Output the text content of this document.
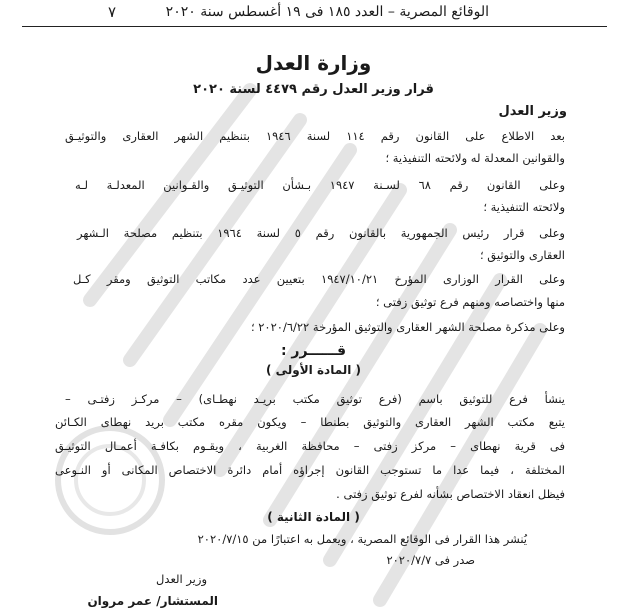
الوقائع المصرية – العدد ١٨٥ فى ١٩ أغسطس سنة ٢٠٢٠
٧
وزارة العدل
قرار وزير العدل رقم ٤٤٧٩ لسنة ٢٠٢٠
وزير العدل
بعد الاطلاع على القانون رقم ١١٤ لسنة ١٩٤٦ بتنظيم الشهر العقارى والتوثيـق
والقوانين المعدلة له ولائحته التنفيذية ؛
وعلى القانون رقم ٦٨ لسـنة ١٩٤٧ بـشأن التوثيـق والقـوانين المعدلـة لـه
ولائحته التنفيذية ؛
وعلى قرار رئيس الجمهورية بالقانون رقم ٥ لسنة ١٩٦٤ بتنظيم مصلحة الـشهر
العقارى والتوثيق ؛
وعلى القرار الوزارى المؤرخ ١٩٤٧/١٠/٢١ بتعيين عدد مكاتب التوثيق ومقر كـل
منها واختصاصه ومنهم فرع توثيق زفتى ؛
وعلى مذكرة مصلحة الشهر العقارى والتوثيق المؤرخة ٢٠٢٠/٦/٢٢ ؛
قــــــرر :
( المادة الأولى )
ينشأ فرع للتوثيق باسم (فرع توثيق مكتب بريـد نهطـاى) – مركـز زفتـى –
يتبع مكتب الشهر العقارى والتوثيق بطنطا – ويكون مقره مكتب بريد نهطاى الكـائن
فى قرية نهطاى – مركز زفتى – محافظة الغربية ، ويقـوم بكافـة أعمـال التوثيـق
المختلفة ، فيما عدا ما تستوجب القانون إجراؤه أمام دائرة الاختصاص المكانى أو النـوعى
فيظل انعقاد الاختصاص بشأنه لفرع توثيق زفتى .
( المادة الثانية )
يُنشر هذا القرار فى الوقائع المصرية ، ويعمل به اعتبارًا من ٢٠٢٠/٧/١٥
صدر فى ٢٠٢٠/٧/٧
وزير العدل
المستشار/ عمر مروان
